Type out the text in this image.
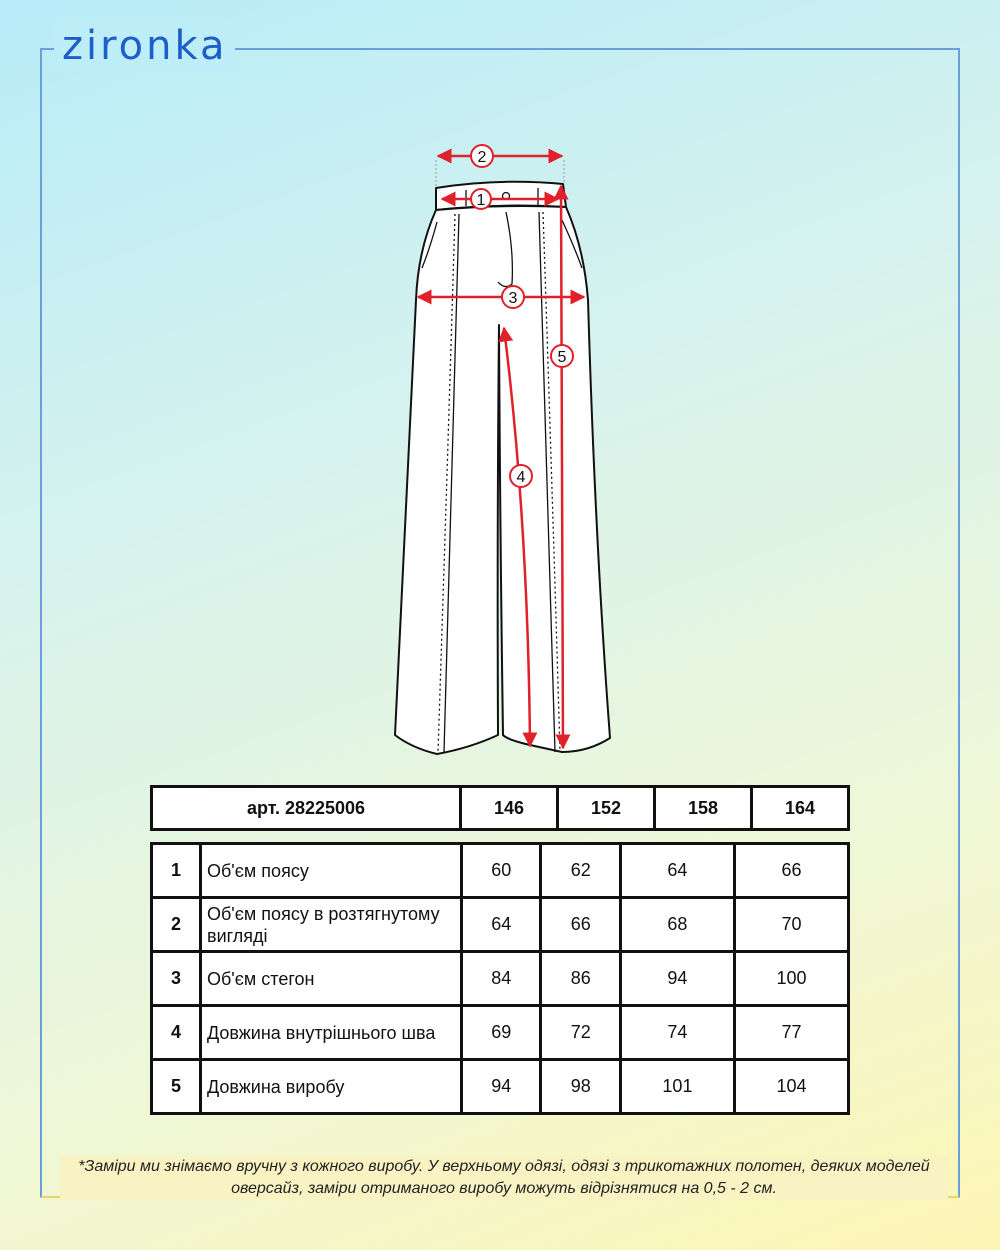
zironka
1
2
3
4
5
арт. 28225006	146	152	158	164
1	Об'єм поясу	60	62	64	66
2	Об'єм поясу в розтягнутому вигляді	64	66	68	70
3	Об'єм стегон	84	86	94	100
4	Довжина внутрішнього шва	69	72	74	77
5	Довжина виробу	94	98	101	104
*Заміри ми знімаємо вручну з кожного виробу. У верхньому одязі, одязі з трикотажних полотен, деяких моделей оверсайз, заміри отриманого виробу можуть відрізнятися на 0,5 - 2 см.
